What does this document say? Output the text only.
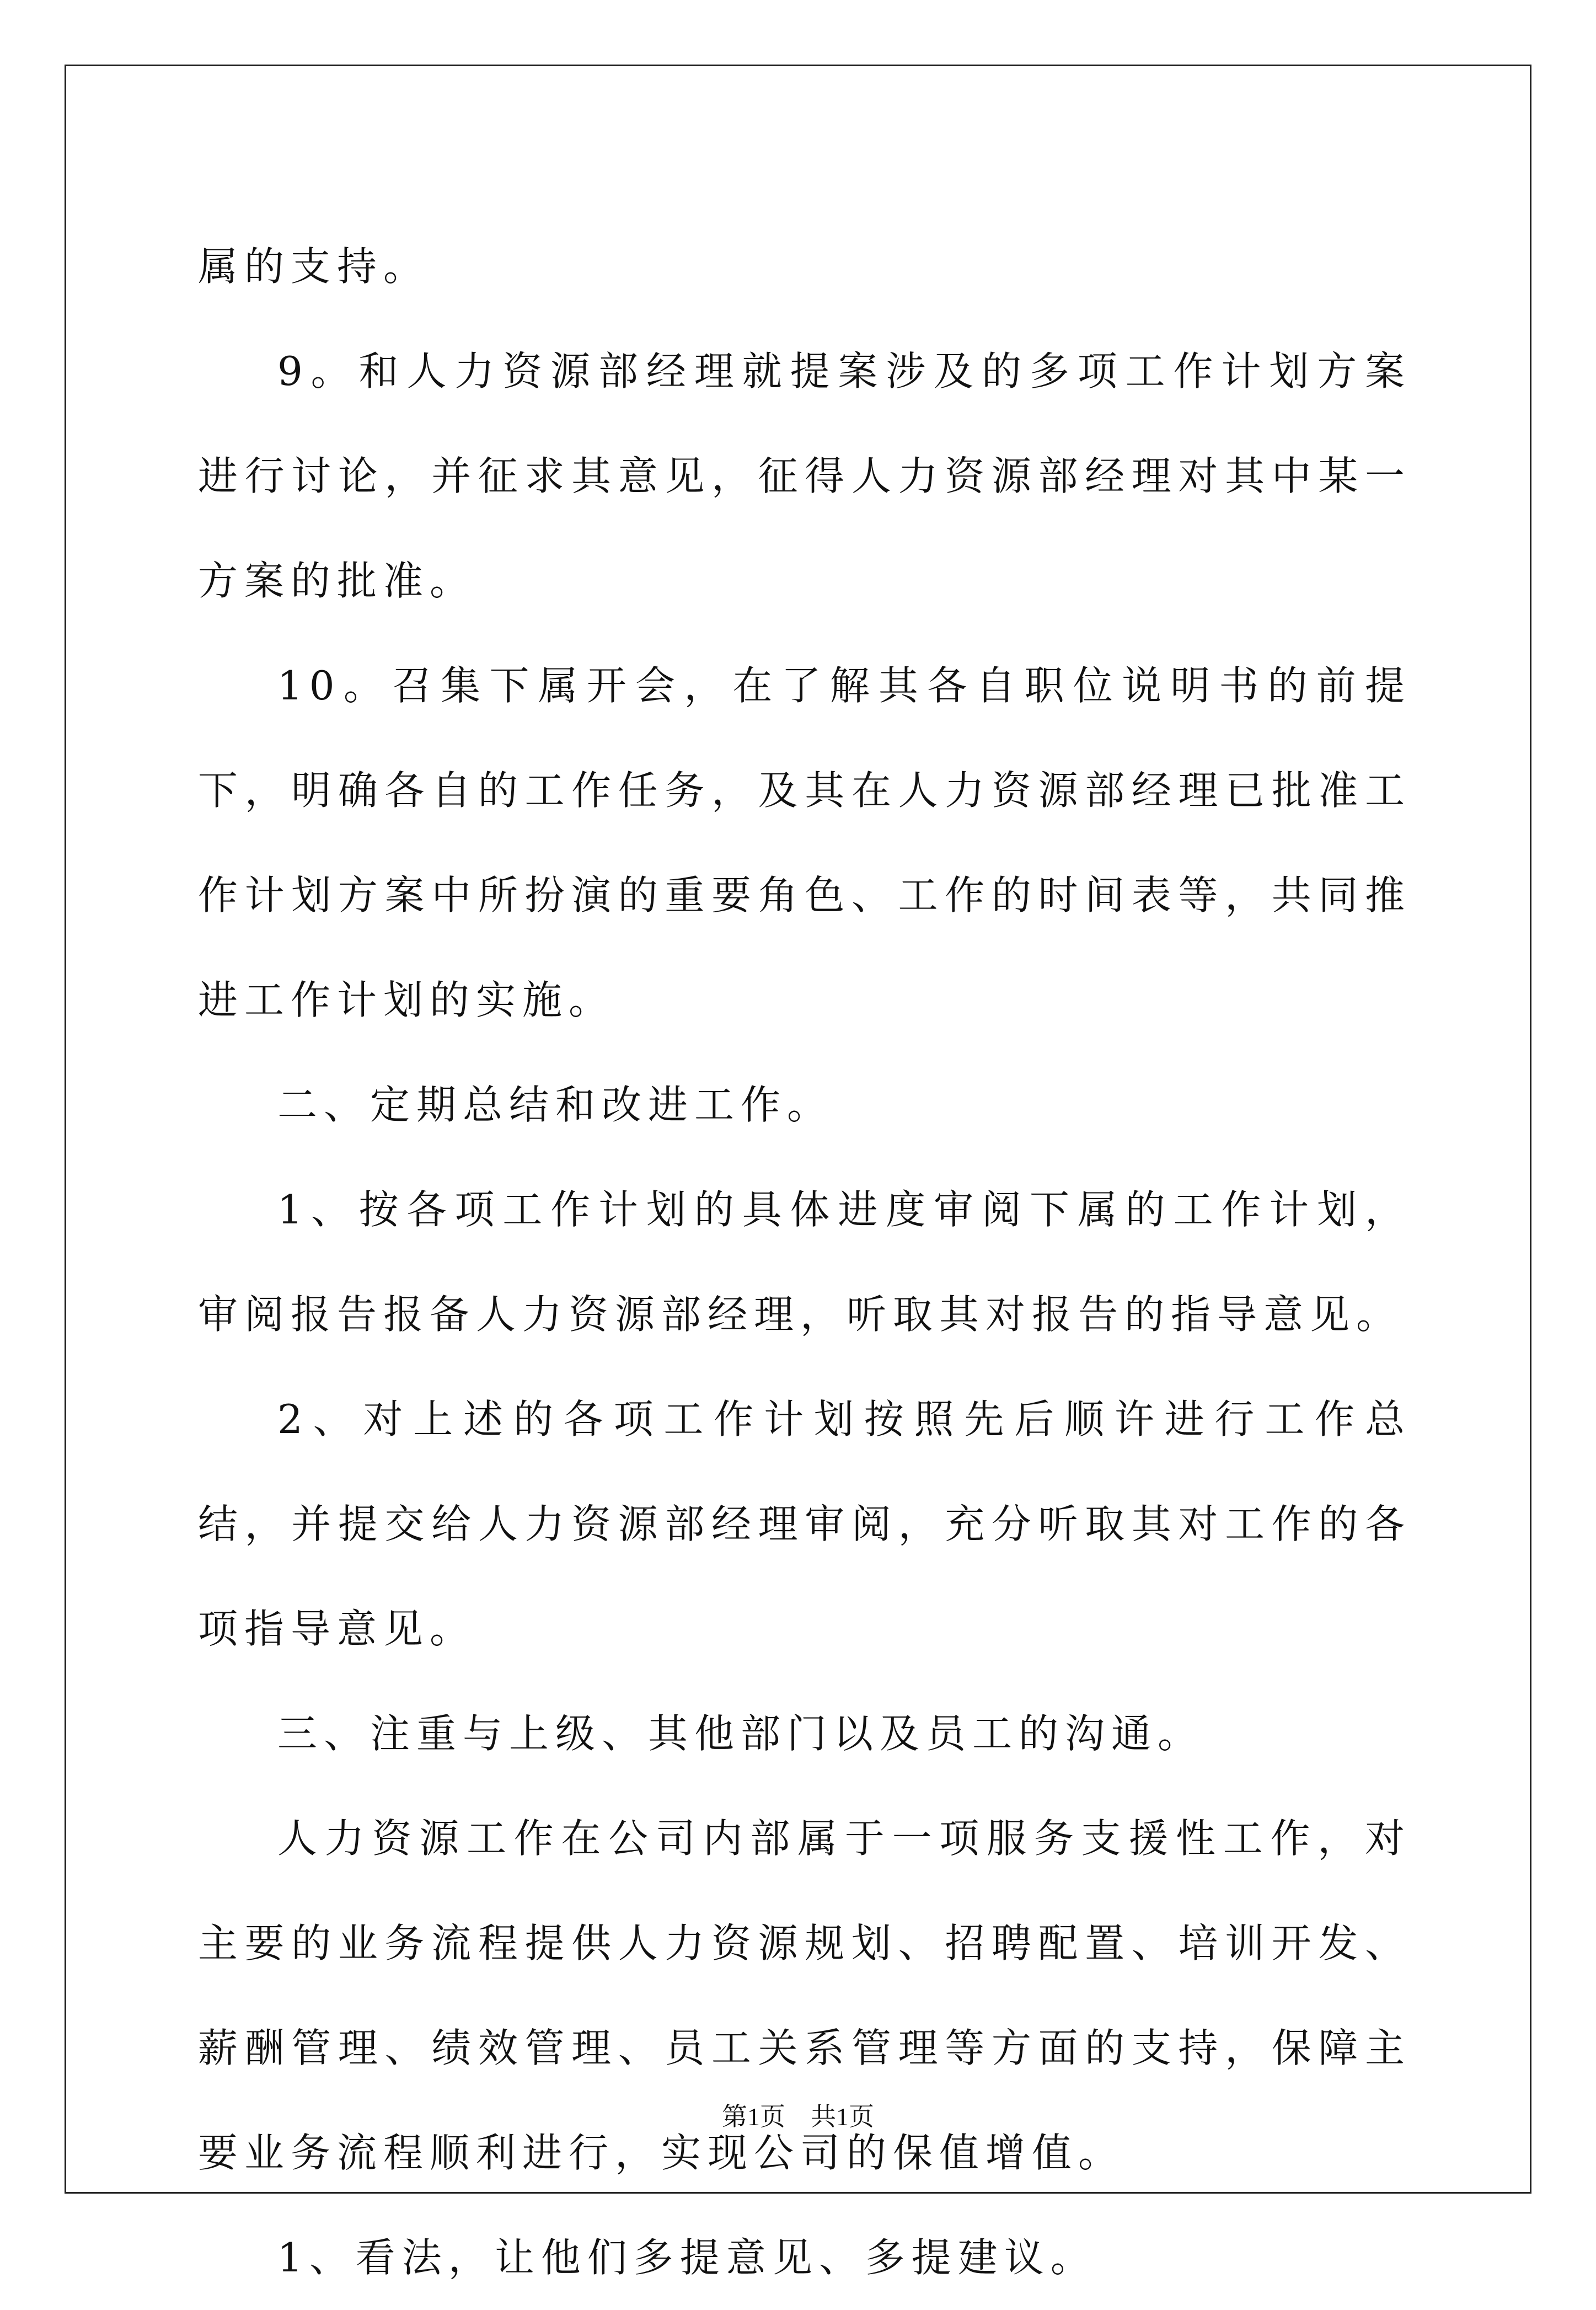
属的支持。

9。和人力资源部经理就提案涉及的多项工作计划方案进行讨论，并征求其意见，征得人力资源部经理对其中某一方案的批准。

10。召集下属开会，在了解其各自职位说明书的前提下，明确各自的工作任务，及其在人力资源部经理已批准工作计划方案中所扮演的重要角色、工作的时间表等，共同推进工作计划的实施。

二、定期总结和改进工作。

1、按各项工作计划的具体进度审阅下属的工作计划，审阅报告报备人力资源部经理，听取其对报告的指导意见。

2、对上述的各项工作计划按照先后顺许进行工作总结，并提交给人力资源部经理审阅，充分听取其对工作的各项指导意见。

三、注重与上级、其他部门以及员工的沟通。

人力资源工作在公司内部属于一项服务支援性工作，对主要的业务流程提供人力资源规划、招聘配置、培训开发、薪酬管理、绩效管理、员工关系管理等方面的支持，保障主要业务流程顺利进行，实现公司的保值增值。

1、看法，让他们多提意见、多提建议。

第1页 共1页
